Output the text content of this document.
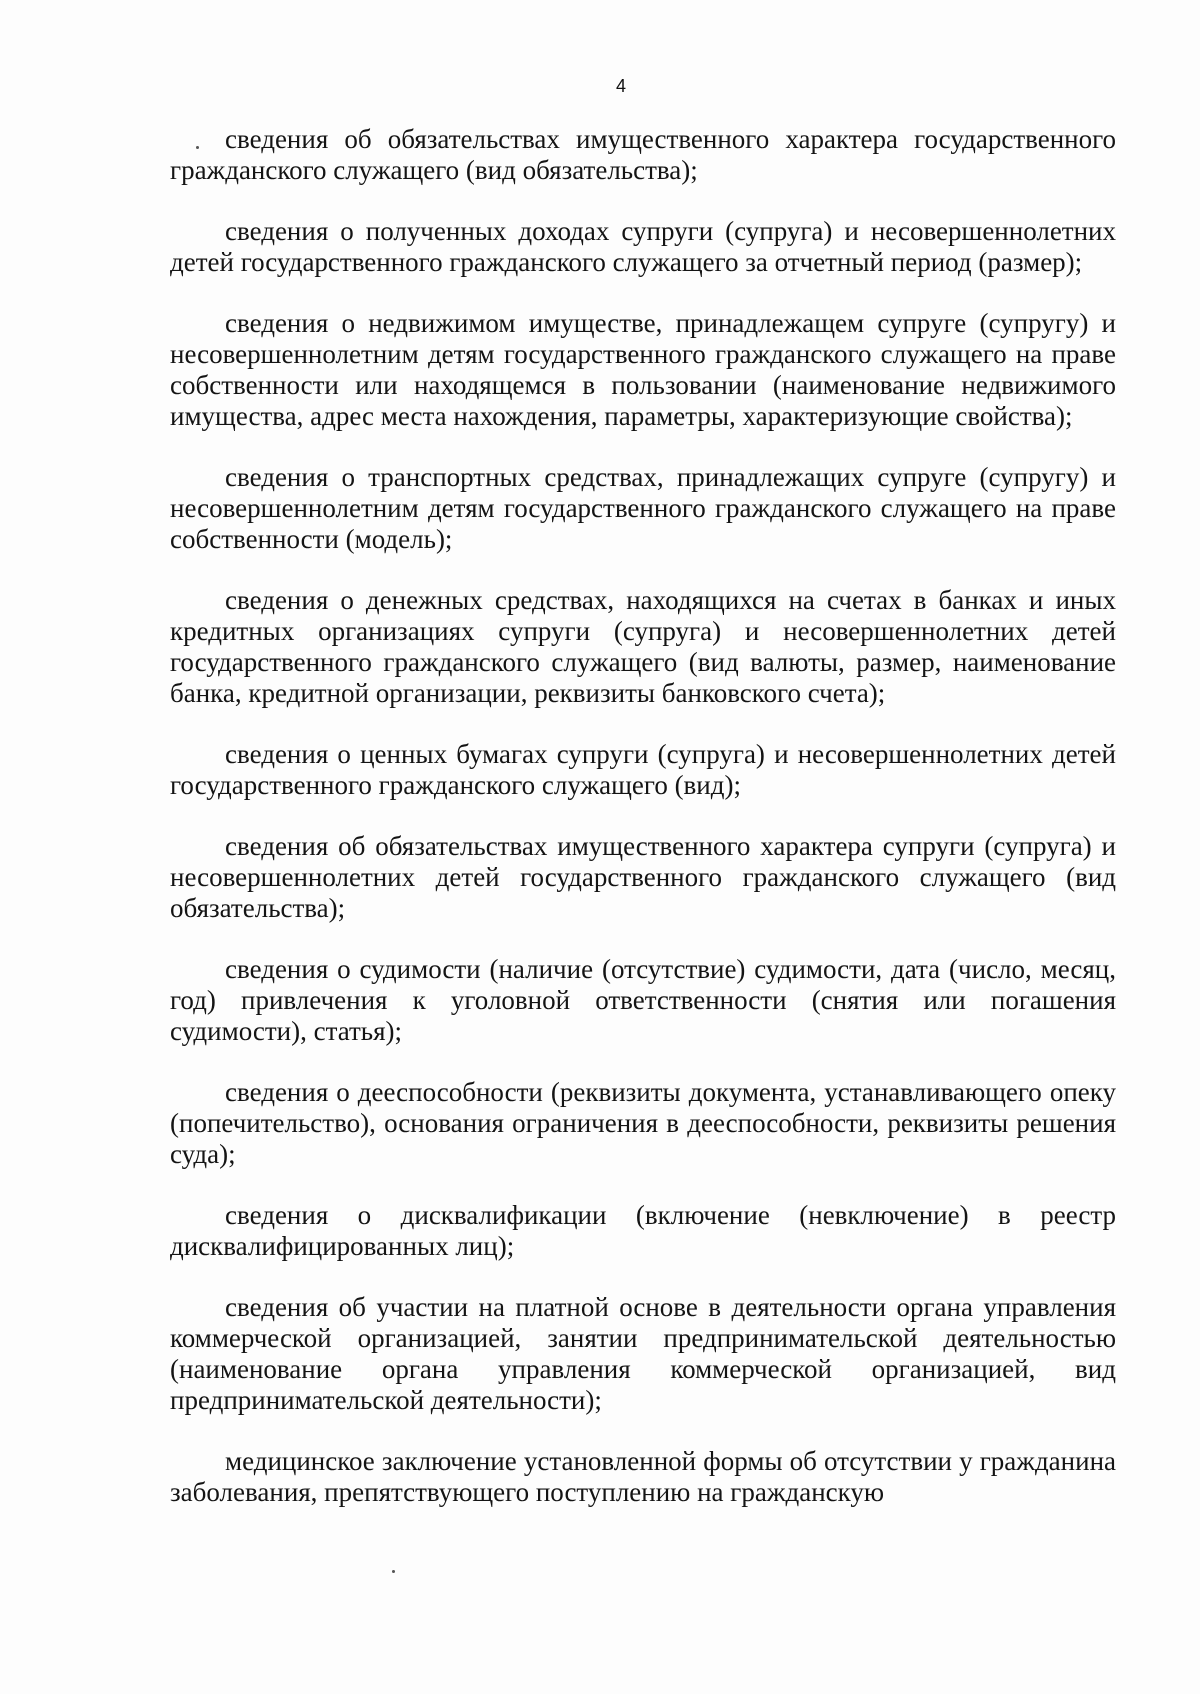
4

сведения об обязательствах имущественного характера государственного гражданского служащего (вид обязательства);

сведения о полученных доходах супруги (супруга) и несовершеннолетних детей государственного гражданского служащего за отчетный период (размер);

сведения о недвижимом имуществе, принадлежащем супруге (супругу) и несовершеннолетним детям государственного гражданского служащего на праве собственности или находящемся в пользовании (наименование недвижимого имущества, адрес места нахождения, параметры, характеризующие свойства);

сведения о транспортных средствах, принадлежащих супруге (супругу) и несовершеннолетним детям государственного гражданского служащего на праве собственности (модель);

сведения о денежных средствах, находящихся на счетах в банках и иных кредитных организациях супруги (супруга) и несовершеннолетних детей государственного гражданского служащего (вид валюты, размер, наименование банка, кредитной организации, реквизиты банковского счета);

сведения о ценных бумагах супруги (супруга) и несовершеннолетних детей государственного гражданского служащего (вид);

сведения об обязательствах имущественного характера супруги (супруга) и несовершеннолетних детей государственного гражданского служащего (вид обязательства);

сведения о судимости (наличие (отсутствие) судимости, дата (число, месяц, год) привлечения к уголовной ответственности (снятия или погашения судимости), статья);

сведения о дееспособности (реквизиты документа, устанавливающего опеку (попечительство), основания ограничения в дееспособности, реквизиты решения суда);

сведения о дисквалификации (включение (невключение) в реестр дисквалифицированных лиц);

сведения об участии на платной основе в деятельности органа управления коммерческой организацией, занятии предпринимательской деятельностью (наименование органа управления коммерческой организацией, вид предпринимательской деятельности);

медицинское заключение установленной формы об отсутствии у гражданина заболевания, препятствующего поступлению на гражданскую
